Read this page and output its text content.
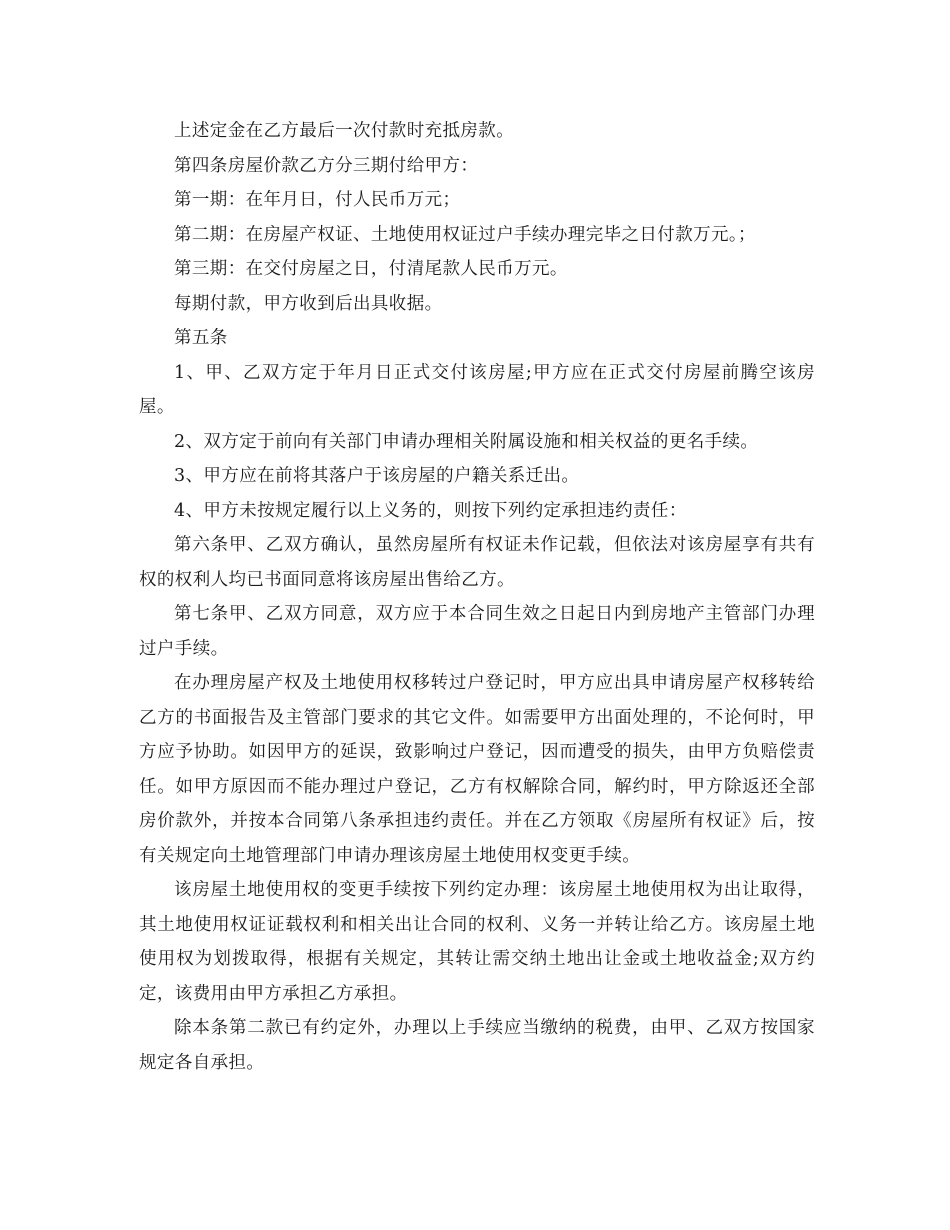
上述定金在乙方最后一次付款时充抵房款。

第四条房屋价款乙方分三期付给甲方：

第一期：在年月日，付人民币万元；

第二期：在房屋产权证、土地使用权证过户手续办理完毕之日付款万元。；

第三期：在交付房屋之日，付清尾款人民币万元。

每期付款，甲方收到后出具收据。

第五条

1、甲、乙双方定于年月日正式交付该房屋;甲方应在正式交付房屋前腾空该房屋。

2、双方定于前向有关部门申请办理相关附属设施和相关权益的更名手续。

3、甲方应在前将其落户于该房屋的户籍关系迁出。

4、甲方未按规定履行以上义务的，则按下列约定承担违约责任：

第六条甲、乙双方确认，虽然房屋所有权证未作记载，但依法对该房屋享有共有权的权利人均已书面同意将该房屋出售给乙方。

第七条甲、乙双方同意，双方应于本合同生效之日起日内到房地产主管部门办理过户手续。

在办理房屋产权及土地使用权移转过户登记时，甲方应出具申请房屋产权移转给乙方的书面报告及主管部门要求的其它文件。如需要甲方出面处理的，不论何时，甲方应予协助。如因甲方的延误，致影响过户登记，因而遭受的损失，由甲方负赔偿责任。如甲方原因而不能办理过户登记，乙方有权解除合同，解约时，甲方除返还全部房价款外，并按本合同第八条承担违约责任。并在乙方领取《房屋所有权证》后，按有关规定向土地管理部门申请办理该房屋土地使用权变更手续。

该房屋土地使用权的变更手续按下列约定办理：该房屋土地使用权为出让取得，其土地使用权证证载权利和相关出让合同的权利、义务一并转让给乙方。该房屋土地使用权为划拨取得，根据有关规定，其转让需交纳土地出让金或土地收益金;双方约定，该费用由甲方承担乙方承担。

除本条第二款已有约定外，办理以上手续应当缴纳的税费，由甲、乙双方按国家规定各自承担。
